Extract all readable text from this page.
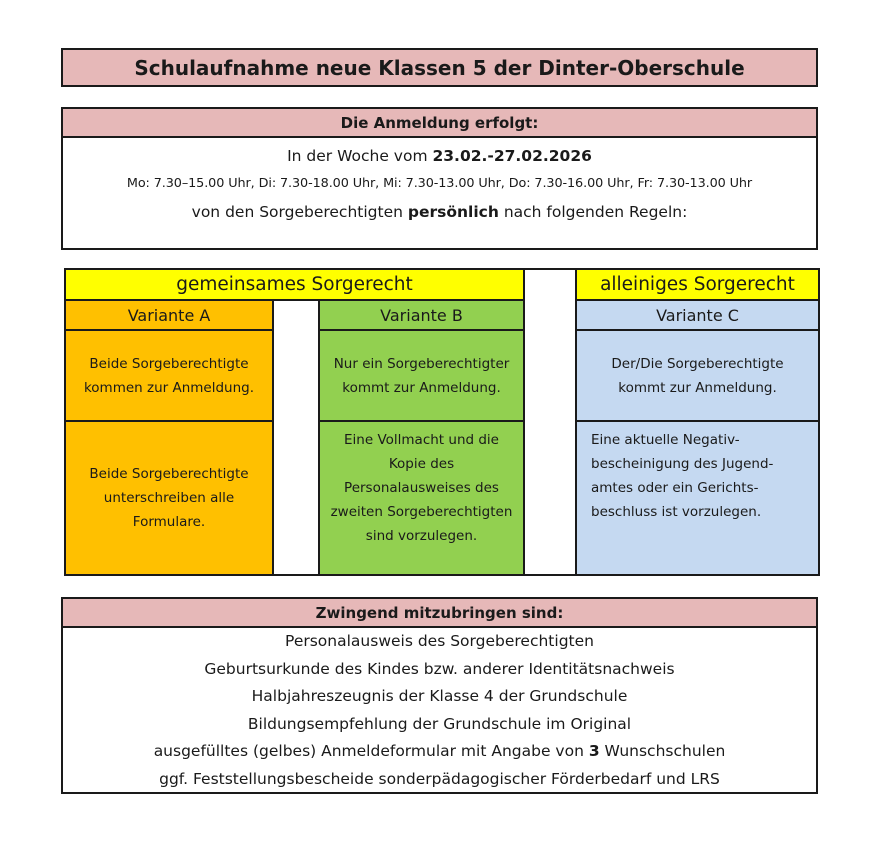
Schulaufnahme neue Klassen 5 der Dinter-Oberschule
Die Anmeldung erfolgt:
In der Woche vom 23.02.-27.02.2026
Mo: 7.30–15.00 Uhr, Di: 7.30-18.00 Uhr, Mi: 7.30-13.00 Uhr, Do: 7.30-16.00 Uhr, Fr: 7.30-13.00 Uhr
von den Sorgeberechtigten persönlich nach folgenden Regeln:
gemeinsames Sorgerecht	alleiniges Sorgerecht
Variante A
Beide Sorgeberechtigte kommen zur Anmeldung.
Beide Sorgeberechtigte unterschreiben alle Formulare.
Variante B
Nur ein Sorgeberechtigter kommt zur Anmeldung.
Eine Vollmacht und die Kopie des Personalausweises des zweiten Sorgeberechtigten sind vorzulegen.
Variante C
Der/Die Sorgeberechtigte kommt zur Anmeldung.
Eine aktuelle Negativ-bescheinigung des Jugend-amtes oder ein Gerichts-beschluss ist vorzulegen.
Zwingend mitzubringen sind:
Personalausweis des Sorgeberechtigten
Geburtsurkunde des Kindes bzw. anderer Identitätsnachweis
Halbjahreszeugnis der Klasse 4 der Grundschule
Bildungsempfehlung der Grundschule im Original
ausgefülltes (gelbes) Anmeldeformular mit Angabe von 3 Wunschschulen
ggf. Feststellungsbescheide sonderpädagogischer Förderbedarf und LRS
